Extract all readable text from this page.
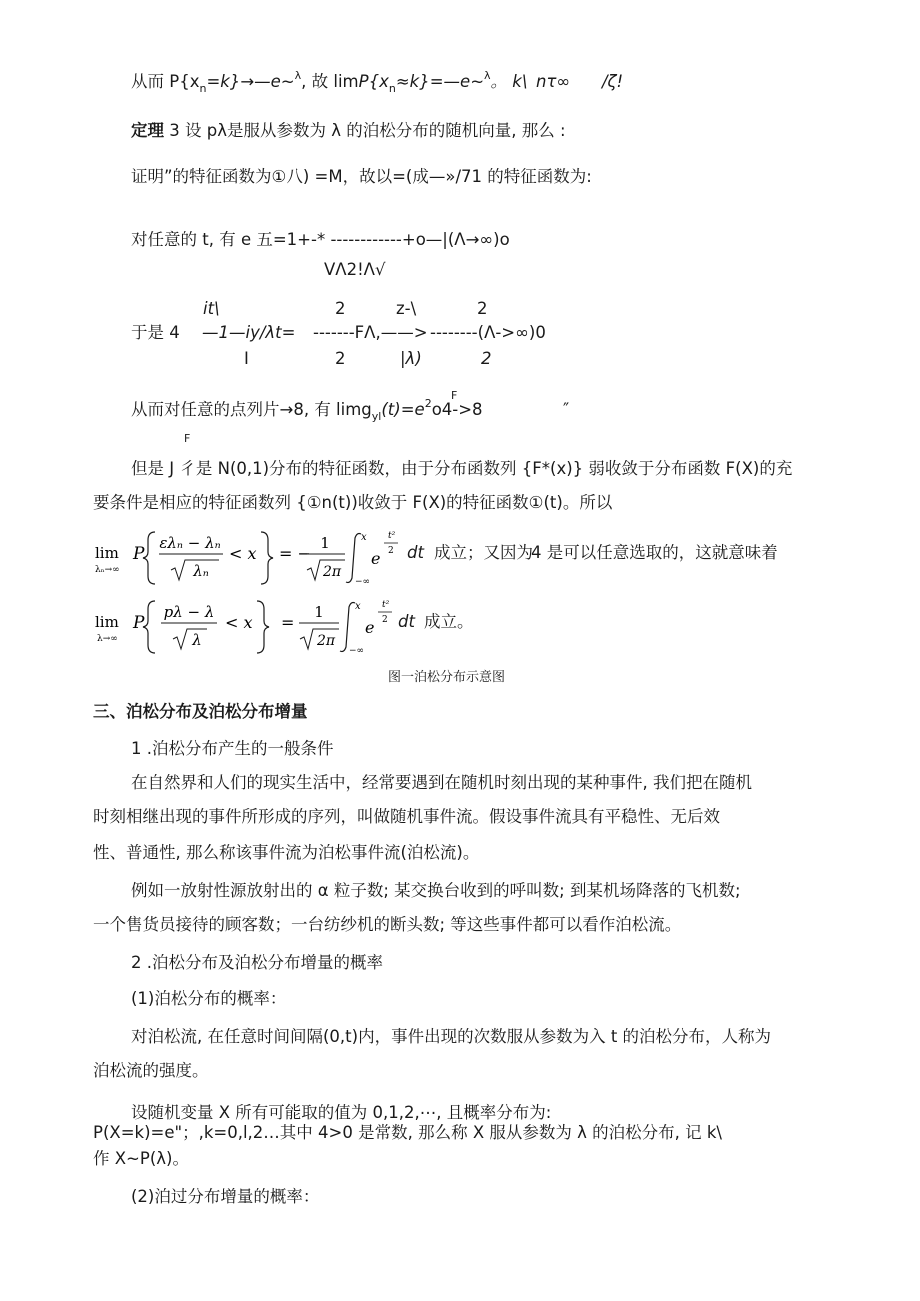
从而 $P\{x_n=k\}\to—e\sim^\lambda$, 故 $\lim P\{x_n\approx k\}=—e\sim^\lambda$。 k\ nτ∞ /ζ!
定理 3 设 pλ是服从参数为 λ 的泊松分布的随机向量, 那么 :
证明”的特征函数为①八) =M，故以=(成—»/71 的特征函数为:
对任意的 t, 有 e 五=1+-* ------------+o—|(Λ→∞)o
VΛ2!Λ√
it\	2	z-\	2
于是 4 —1—iy/λt= -------FΛ,——> --------(Λ->∞)0
I	2	|λ)	2
F
从而对任意的点列片→8, 有 $\lim g_{yl}(t)=e^2o4->8$	″
F
但是 J 彳是 N(0,1)分布的特征函数，由于分布函数列 {F*(x)} 弱收敛于分布函数 F(X)的充
要条件是相应的特征函数列 {①n(t))收敛于 F(X)的特征函数①(t)。所以
lim
λₙ→∞
P
ελₙ − λₙ
λₙ
< x = −
1
2π
x
−∞
e
t²
2 dt 成立；又因为
4 是可以任意选取的，这就意味着
lim
λ→∞
P
pλ − λ
λ
< x =
1
2π
x
−∞
e
t²
2 dt 成立。
图一泊松分布示意图
三、泊松分布及泊松分布增量
1 .泊松分布产生的一般条件
在自然界和人们的现实生活中，经常要遇到在随机时刻出现的某种事件, 我们把在随机
时刻相继出现的事件所形成的序列，叫做随机事件流。假设事件流具有平稳性、无后效
性、普通性, 那么称该事件流为泊松事件流(泊松流)。
例如一放射性源放射出的 α 粒子数; 某交换台收到的呼叫数; 到某机场降落的飞机数;
一个售货员接待的顾客数；一台纺纱机的断头数; 等这些事件都可以看作泊松流。
2 .泊松分布及泊松分布增量的概率
(1)泊松分布的概率：
对泊松流, 在任意时间间隔(0,t)内，事件出现的次数服从参数为入 t 的泊松分布，人称为
泊松流的强度。
设随机变量 X 所有可能取的值为 0,1,2,⋯, 且概率分布为:
P(X=k)=e"；,k=0,l,2…其中 4>0 是常数, 那么称 X 服从参数为 λ 的泊松分布, 记 k\
作 X~P(λ)。
(2)泊过分布增量的概率：
